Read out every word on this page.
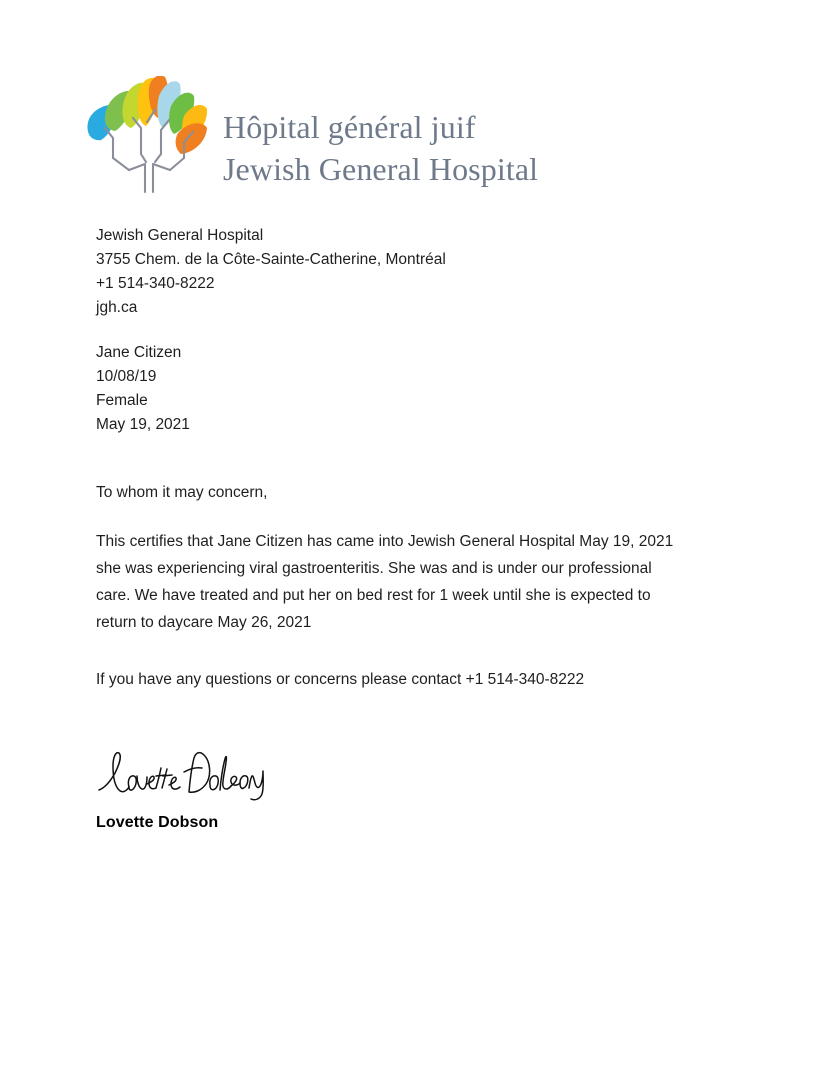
Hôpital général juif
Jewish General Hospital
Jewish General Hospital
3755 Chem. de la Côte-Sainte-Catherine, Montréal
+1 514-340-8222
jgh.ca
Jane Citizen
10/08/19
Female
May 19, 2021
To whom it may concern,
This certifies that Jane Citizen has came into Jewish General Hospital May 19, 2021 she was experiencing viral gastroenteritis. She was and is under our professional care. We have treated and put her on bed rest for 1 week until she is expected to return to daycare May 26, 2021
If you have any questions or concerns please contact +1 514-340-8222
Lovette Dobson
